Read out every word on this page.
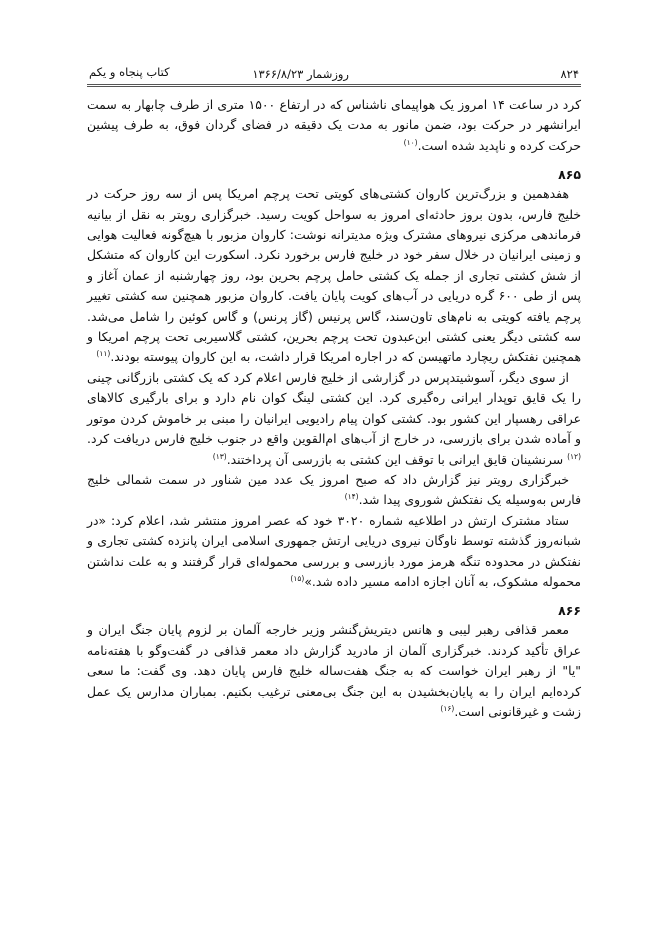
۸۲۴
روزشمار ۱۳۶۶/۸/۲۳
کتاب پنجاه و یکم

کرد در ساعت ۱۴ امروز یک هواپیمای ناشناس که در ارتفاع ۱۵۰۰ متری از طرف چابهار به سمت ایرانشهر در حرکت بود، ضمن مانور به مدت یک دقیقه در فضای گردان فوق، به طرف پیشین حرکت کرده و ناپدید شده است.$^{(۱۰)}$

۸۶۵

هفدهمین و بزرگ‌ترین کاروان کشتی‌های کویتی تحت پرچم امریکا پس از سه روز حرکت در خلیج فارس، بدون بروز حادثه‌ای امروز به سواحل کویت رسید. خبرگزاری رویتر به نقل از بیانیه فرماندهی مرکزی نیروهای مشترک ویژه مدیترانه نوشت: کاروان مزبور با هیچ‌گونه فعالیت هوایی و زمینی ایرانیان در خلال سفر خود در خلیج فارس برخورد نکرد. اسکورت این کاروان که متشکل از شش کشتی تجاری از جمله یک کشتی حامل پرچم بحرین بود، روز چهارشنبه از عمان آغاز و پس از طی ۶۰۰ گره دریایی در آب‌های کویت پایان یافت. کاروان مزبور همچنین سه کشتی تغییر پرچم یافته کویتی به نام‌های تاون‌سند، گاس پرنیس (گاز پرنس) و گاس کوئین را شامل می‌شد. سه کشتی دیگر یعنی کشتی ابن‌عبدون تحت پرچم بحرین، کشتی گلاسیربی تحت پرچم امریکا و همچنین نفتکش ریچارد ماتهیسن که در اجاره امریکا قرار داشت، به این کاروان پیوسته بودند.$^{(۱۱)}$

از سوی دیگر، آسوشیتدپرس در گزارشی از خلیج فارس اعلام کرد که یک کشتی بازرگانی چینی را یک قایق توپدار ایرانی ره‌گیری کرد. این کشتی لینگ کوان نام دارد و برای بارگیری کالاهای عراقی رهسپار این کشور بود. کشتی کوان پیام رادیویی ایرانیان را مبنی بر خاموش کردن موتور و آماده شدن برای بازرسی، در خارج از آب‌های ام‌القوین واقع در جنوب خلیج فارس دریافت کرد.$^{(۱۲)}$ سرنشینان قایق ایرانی با توقف این کشتی به بازرسی آن پرداختند.$^{(۱۳)}$

خبرگزاری رویتر نیز گزارش داد که صبح امروز یک عدد مین شناور در سمت شمالی خلیج فارس به‌وسیله یک نفتکش شوروی پیدا شد.$^{(۱۴)}$

ستاد مشترک ارتش در اطلاعیه شماره ۳۰۲۰ خود که عصر امروز منتشر شد، اعلام کرد: «در شبانه‌روز گذشته توسط ناوگان نیروی دریایی ارتش جمهوری اسلامی ایران پانزده کشتی تجاری و نفتکش در محدوده تنگه هرمز مورد بازرسی و بررسی محموله‌ای قرار گرفتند و به علت نداشتن محموله مشکوک، به آنان اجازه ادامه مسیر داده شد.»$^{(۱۵)}$

۸۶۶

معمر قذافی رهبر لیبی و هانس دیتریش‌گنشر وزیر خارجه آلمان بر لزوم پایان جنگ ایران و عراق تأکید کردند. خبرگزاری آلمان از مادرید گزارش داد معمر قذافی در گفت‌وگو با هفته‌نامه "یا" از رهبر ایران خواست که به جنگ هفت‌ساله خلیج فارس پایان دهد. وی گفت: ما سعی کرده‌ایم ایران را به پایان‌بخشیدن به این جنگ بی‌معنی ترغیب بکنیم. بمباران مدارس یک عمل زشت و غیرقانونی است.$^{(۱۶)}$
